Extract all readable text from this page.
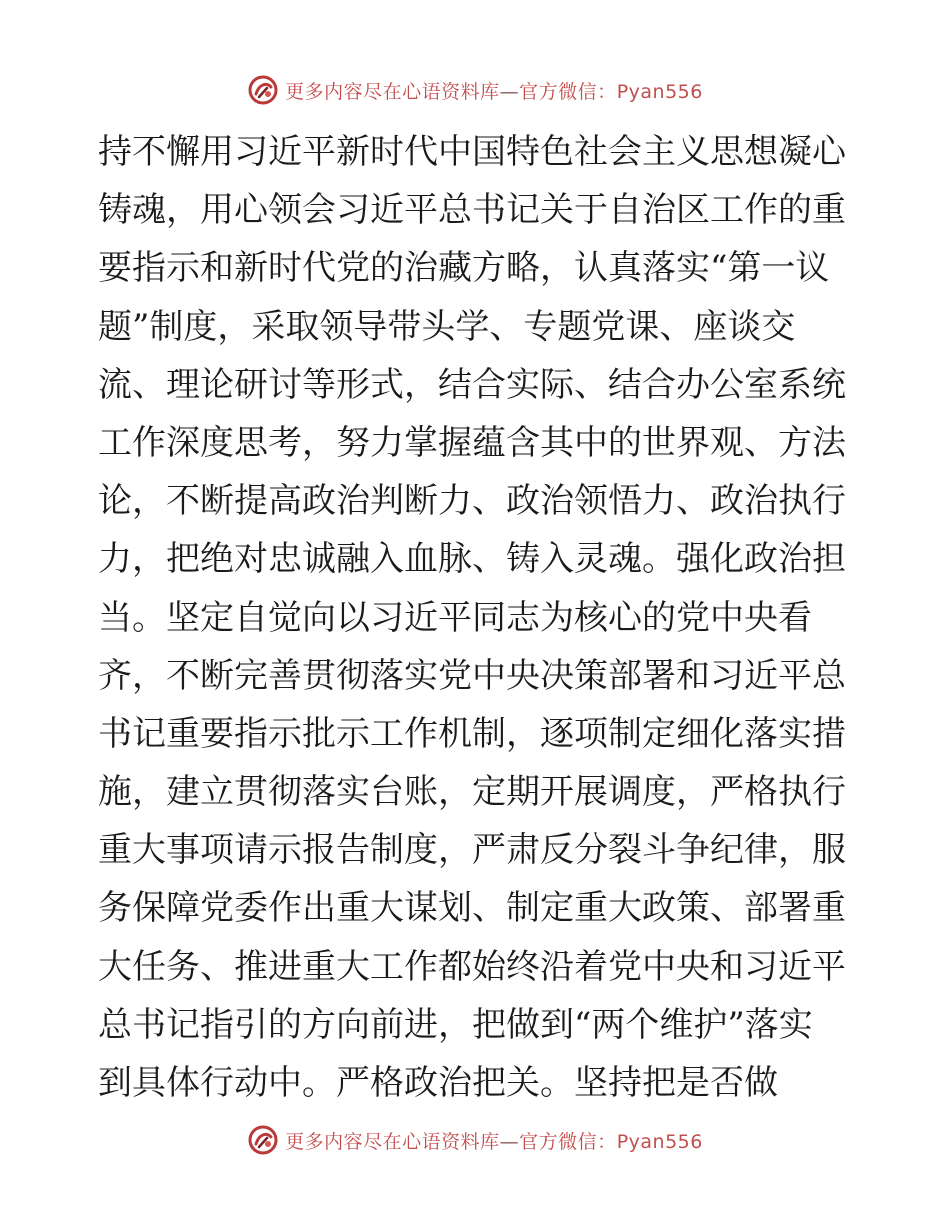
更多内容尽在心语资料库—官方微信：Pyan556
持不懈用习近平新时代中国特色社会主义思想凝心
铸魂，用心领会习近平总书记关于自治区工作的重
要指示和新时代党的治藏方略，认真落实“第一议
题”制度，采取领导带头学、专题党课、座谈交
流、理论研讨等形式，结合实际、结合办公室系统
工作深度思考，努力掌握蕴含其中的世界观、方法
论，不断提高政治判断力、政治领悟力、政治执行
力，把绝对忠诚融入血脉、铸入灵魂。强化政治担
当。坚定自觉向以习近平同志为核心的党中央看
齐，不断完善贯彻落实党中央决策部署和习近平总
书记重要指示批示工作机制，逐项制定细化落实措
施，建立贯彻落实台账，定期开展调度，严格执行
重大事项请示报告制度，严肃反分裂斗争纪律，服
务保障党委作出重大谋划、制定重大政策、部署重
大任务、推进重大工作都始终沿着党中央和习近平
总书记指引的方向前进，把做到“两个维护”落实
到具体行动中。严格政治把关。坚持把是否做
更多内容尽在心语资料库—官方微信：Pyan556
